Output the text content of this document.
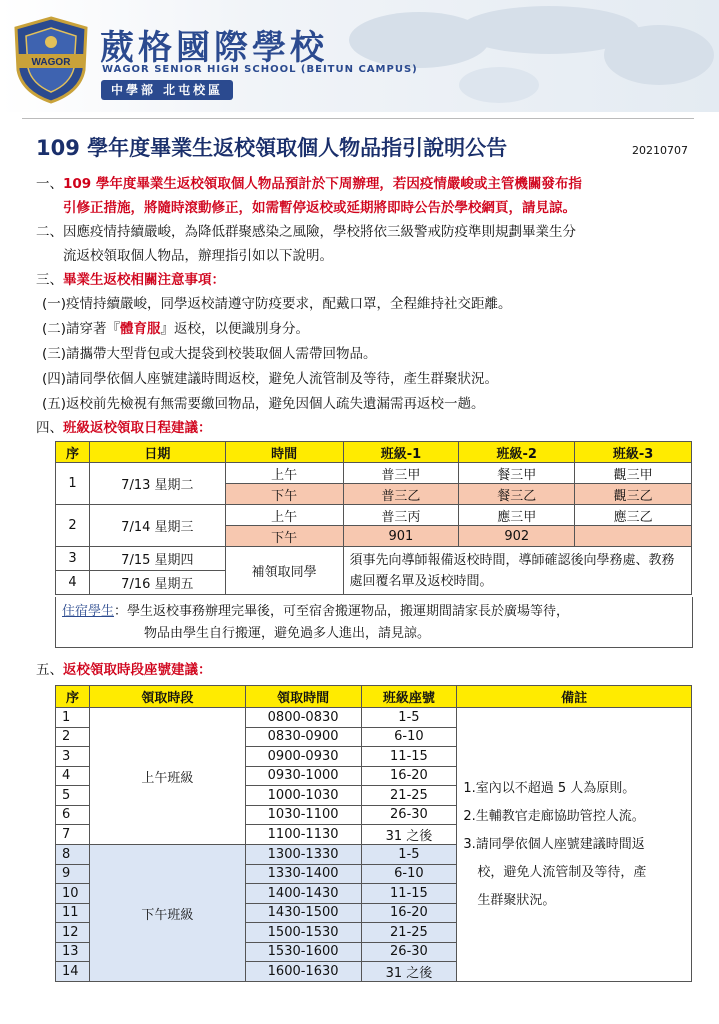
WAGOR 葳格國際學校
WAGOR SENIOR HIGH SCHOOL (BEITUN CAMPUS)
中學部 北屯校區
109 學年度畢業生返校領取個人物品指引說明公告	20210707
一、109 學年度畢業生返校領取個人物品預計於下周辦理，若因疫情嚴峻或主管機關發布指
引修正措施，將隨時滾動修正，如需暫停返校或延期將即時公告於學校網頁，請見諒。
二、因應疫情持續嚴峻，為降低群聚感染之風險，學校將依三級警戒防疫準則規劃畢業生分
流返校領取個人物品，辦理指引如以下說明。
三、畢業生返校相關注意事項：
(一)疫情持續嚴峻，同學返校請遵守防疫要求，配戴口罩，全程維持社交距離。
(二)請穿著『體育服』返校，以便識別身分。
(三)請攜帶大型背包或大提袋到校裝取個人需帶回物品。
(四)請同學依個人座號建議時間返校，避免人流管制及等待，產生群聚狀況。
(五)返校前先檢視有無需要繳回物品，避免因個人疏失遺漏需再返校一趟。
四、班級返校領取日程建議：
序	日期	時間	班級-1	班級-2	班級-3
1	7/13 星期二	上午	普三甲	餐三甲	觀三甲
		下午	普三乙	餐三乙	觀三乙
2	7/14 星期三	上午	普三丙	應三甲	應三乙
		下午	901	902	
3	7/15 星期四	補領取同學	須事先向導師報備返校時間，導師確認後向學務處、教務處回覆名單及返校時間。		
4	7/16 星期五				
住宿學生：學生返校事務辦理完畢後，可至宿舍搬運物品，搬運期間請家長於廣場等待，
物品由學生自行搬運，避免過多人進出，請見諒。
五、返校領取時段座號建議：
序	領取時段	領取時間	班級座號	備註
1	上午班級	0800-0830	1-5	1.室內以不超過 5 人為原則。
2.生輔教官走廊協助管控人流。
3.請同學依個人座號建議時間返
校，避免人流管制及等待，產
生群聚狀況。

2		0830-0900	6-10	
3		0900-0930	11-15	
4		0930-1000	16-20	
5		1000-1030	21-25	
6		1030-1100	26-30	
7		1100-1130	31 之後	
8	下午班級	1300-1330	1-5	
9		1330-1400	6-10	
10		1400-1430	11-15	
11		1430-1500	16-20	
12		1500-1530	21-25	
13		1530-1600	26-30	
14		1600-1630	31 之後	
